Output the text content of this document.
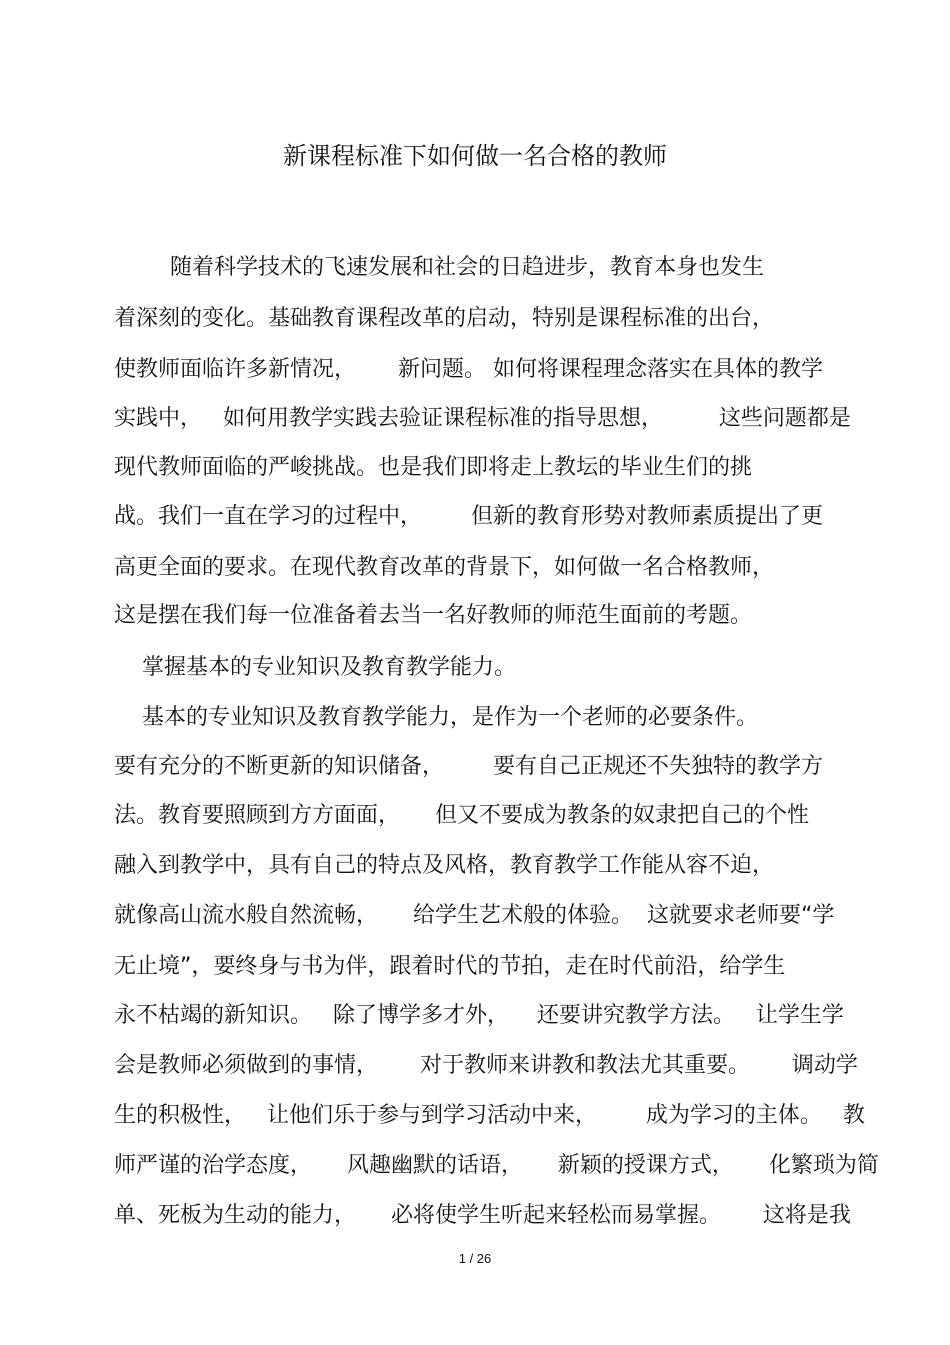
新课程标准下如何做一名合格的教师
随着科学技术的飞速发展和社会的日趋进步，教育本身也发生
着深刻的变化。基础教育课程改革的启动，特别是课程标准的出台，
使教师面临许多新情况，      新问题。 如何将课程理念落实在具体的教学
实践中，   如何用教学实践去验证课程标准的指导思想，        这些问题都是
现代教师面临的严峻挑战。也是我们即将走上教坛的毕业生们的挑
战。我们一直在学习的过程中，       但新的教育形势对教师素质提出了更
高更全面的要求。在现代教育改革的背景下，如何做一名合格教师，
这是摆在我们每一位准备着去当一名好教师的师范生面前的考题。
掌握基本的专业知识及教育教学能力。
基本的专业知识及教育教学能力，是作为一个老师的必要条件。
要有充分的不断更新的知识储备，       要有自己正规还不失独特的教学方
法。教育要照顾到方方面面，     但又不要成为教条的奴隶把自己的个性
融入到教学中，具有自己的特点及风格，教育教学工作能从容不迫，
就像高山流水般自然流畅，     给学生艺术般的体验。  这就要求老师要“学
无止境”，要终身与书为伴，跟着时代的节拍，走在时代前沿，给学生
永不枯竭的新知识。   除了博学多才外，    还要讲究教学方法。   让学生学
会是教师必须做到的事情，      对于教师来讲教和教法尤其重要。      调动学
生的积极性，   让他们乐于参与到学习活动中来，       成为学习的主体。   教
师严谨的治学态度，     风趣幽默的话语，     新颖的授课方式，     化繁琐为简
单、死板为生动的能力，     必将使学生听起来轻松而易掌握。      这将是我
1 / 26
